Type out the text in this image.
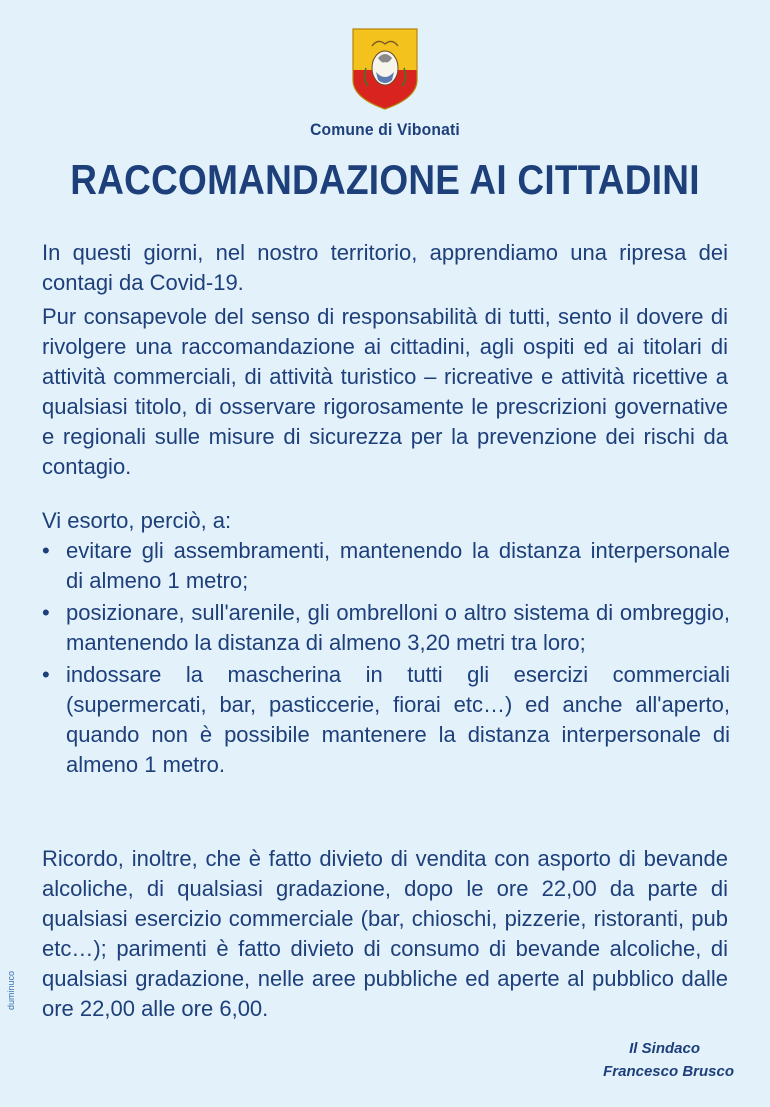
Comune di Vibonati
RACCOMANDAZIONE AI CITTADINI
In questi giorni, nel nostro territorio, apprendiamo una ripresa dei contagi da Covid-19.
Pur consapevole del senso di responsabilità di tutti, sento il dovere di rivolgere una raccomandazione ai cittadini, agli ospiti ed ai titolari di attività commerciali, di attività turistico – ricreative e attività ricettive a qualsiasi titolo, di osservare rigorosamente le prescrizioni governative e regionali sulle misure di sicurezza per la prevenzione dei rischi da contagio.
Vi esorto, perciò, a:
• evitare gli assembramenti, mantenendo la distanza interpersonale di almeno 1 metro;
• posizionare, sull'arenile, gli ombrelloni o altro sistema di ombreggio, mantenendo la distanza di almeno 3,20 metri tra loro;
• indossare la mascherina in tutti gli esercizi commerciali (supermercati, bar, pasticcerie, fiorai etc…) ed anche all'aperto, quando non è possibile mantenere la distanza interpersonale di almeno 1 metro.
Ricordo, inoltre, che è fatto divieto di vendita con asporto di bevande alcoliche, di qualsiasi gradazione, dopo le ore 22,00 da parte di qualsiasi esercizio commerciale (bar, chioschi, pizzerie, ristoranti, pub etc…); parimenti è fatto divieto di consumo di bevande alcoliche, di qualsiasi gradazione, nelle aree pubbliche ed aperte al pubblico dalle ore 22,00 alle ore 6,00.
Il Sindaco
Francesco Brusco
duminuco
